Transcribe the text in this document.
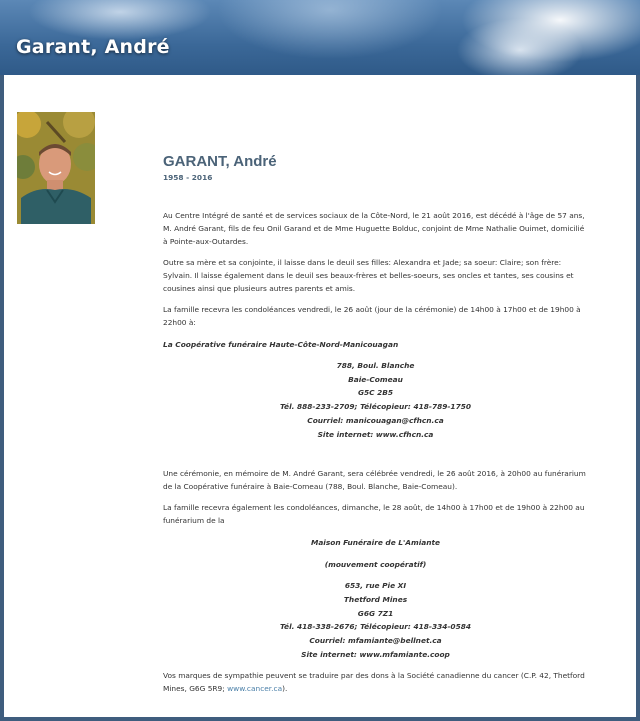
Garant, André
GARANT, André
1958 - 2016

Au Centre Intégré de santé et de services sociaux de la Côte-Nord, le 21 août 2016, est décédé à l'âge de 57 ans, M. André Garant, fils de feu Onil Garand et de Mme Huguette Bolduc, conjoint de Mme Nathalie Ouimet, domicilié à Pointe-aux-Outardes.

Outre sa mère et sa conjointe, il laisse dans le deuil ses filles: Alexandra et Jade; sa soeur: Claire; son frère: Sylvain. Il laisse également dans le deuil ses beaux-frères et belles-soeurs, ses oncles et tantes, ses cousins et cousines ainsi que plusieurs autres parents et amis.

La famille recevra les condoléances vendredi, le 26 août (jour de la cérémonie) de 14h00 à 17h00 et de 19h00 à 22h00 à:

La Coopérative funéraire Haute-Côte-Nord-Manicouagan

788, Boul. Blanche
Baie-Comeau
G5C 2B5
Tél. 888-233-2709; Télécopieur: 418-789-1750
Courriel: manicouagan@cfhcn.ca
Site internet: www.cfhcn.ca

Une cérémonie, en mémoire de M. André Garant, sera célébrée vendredi, le 26 août 2016, à 20h00 au funérarium de la Coopérative funéraire à Baie-Comeau (788, Boul. Blanche, Baie-Comeau).

La famille recevra également les condoléances, dimanche, le 28 août, de 14h00 à 17h00 et de 19h00 à 22h00 au funérarium de la

Maison Funéraire de L'Amiante
(mouvement coopératif)
653, rue Pie XI
Thetford Mines
G6G 7Z1
Tél. 418-338-2676; Télécopieur: 418-334-0584
Courriel: mfamiante@bellnet.ca
Site internet: www.mfamiante.coop

Vos marques de sympathie peuvent se traduire par des dons à la Société canadienne du cancer (C.P. 42, Thetford Mines, G6G 5R9; www.cancer.ca).
